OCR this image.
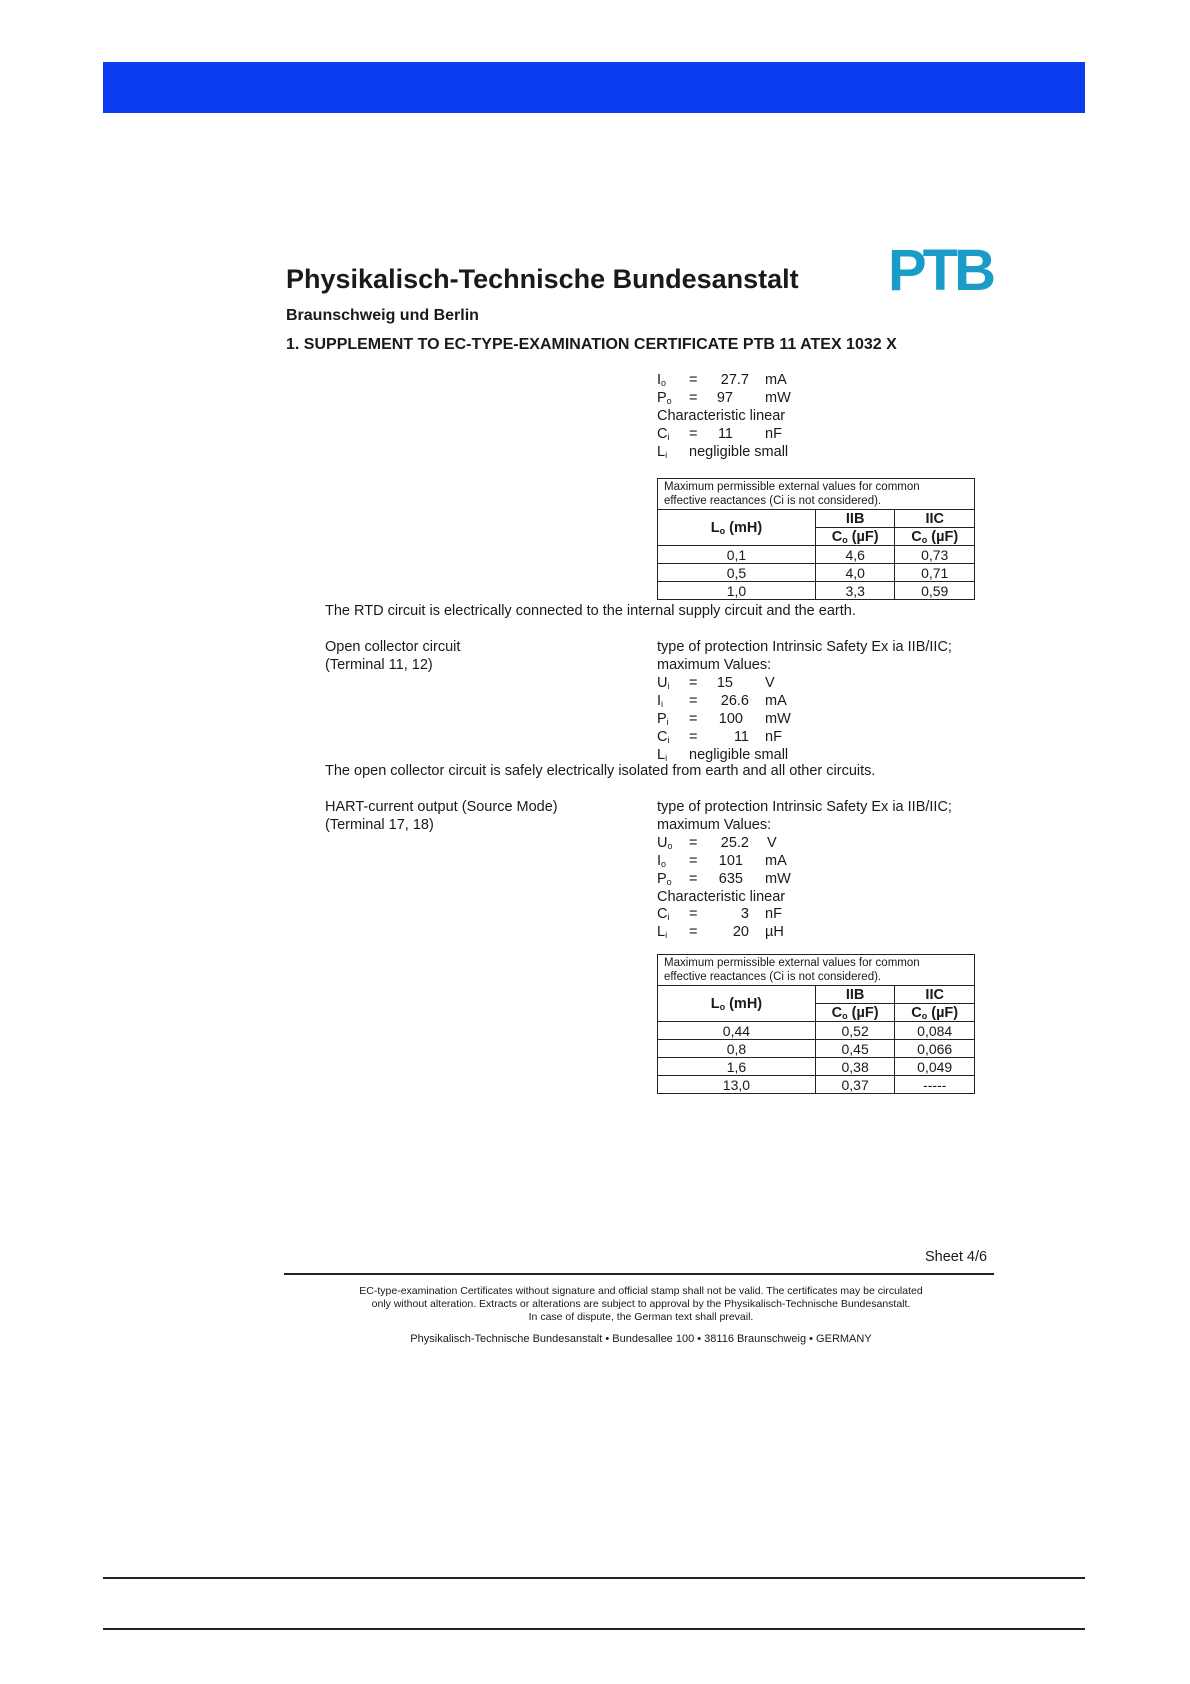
Physikalisch-Technische Bundesanstalt
Braunschweig und Berlin
1. SUPPLEMENT TO EC-TYPE-EXAMINATION CERTIFICATE PTB 11 ATEX 1032 X
PTB
$I_o$ =	27.7 mA
$P_o$ =	97 mW
Characteristic linear
$C_i$ =	11 nF
$L_i$ negligible small
Maximum permissible external values for common
effective reactances (Ci is not considered).		

$L_o$ (mH)	IIB	IIC
	$C_o$ (µF)	$C_o$ (µF)
0,1	4,6	0,73
0,5	4,0	0,71
1,0	3,3	0,59
The RTD circuit is electrically connected to the internal supply circuit and the earth.
Open collector circuit
(Terminal 11, 12)
type of protection Intrinsic Safety Ex ia IIB/IIC;
maximum Values:
$U_i$ =	15 V
$I_i$ =	26.6 mA
$P_i$ =	100 mW
$C_i$ =	11 nF
$L_i$ negligible small
The open collector circuit is safely electrically isolated from earth and all other circuits.
HART-current output (Source Mode)
(Terminal 17, 18)
type of protection Intrinsic Safety Ex ia IIB/IIC;
maximum Values:
$U_o$ =	25.2 V
$I_o$ =	101 mA
$P_o$ =	635 mW
Characteristic linear
$C_i$ =	3 nF
$L_i$ =	20 µH
Maximum permissible external values for common
effective reactances (Ci is not considered).		

$L_o$ (mH)	IIB	IIC
	$C_o$ (µF)	$C_o$ (µF)
0,44	0,52	0,084
0,8	0,45	0,066
1,6	0,38	0,049
13,0	0,37	-----
Sheet 4/6
EC-type-examination Certificates without signature and official stamp shall not be valid. The certificates may be circulated
only without alteration. Extracts or alterations are subject to approval by the Physikalisch-Technische Bundesanstalt.
In case of dispute, the German text shall prevail.
Physikalisch-Technische Bundesanstalt • Bundesallee 100 • 38116 Braunschweig • GERMANY
